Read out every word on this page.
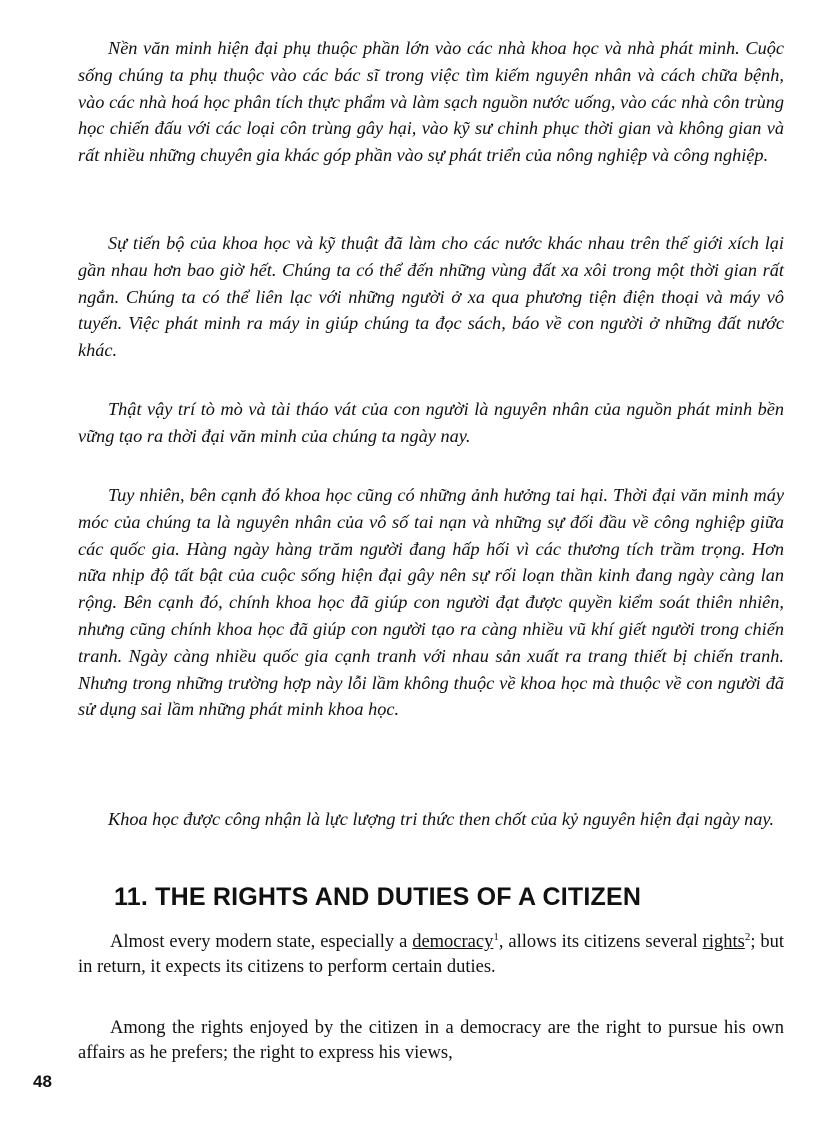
Nền văn minh hiện đại phụ thuộc phần lớn vào các nhà khoa học và nhà phát minh. Cuộc sống chúng ta phụ thuộc vào các bác sĩ trong việc tìm kiếm nguyên nhân và cách chữa bệnh, vào các nhà hoá học phân tích thực phẩm và làm sạch nguồn nước uống, vào các nhà côn trùng học chiến đấu với các loại côn trùng gây hại, vào kỹ sư chinh phục thời gian và không gian và rất nhiều những chuyên gia khác góp phần vào sự phát triển của nông nghiệp và công nghiệp.

Sự tiến bộ của khoa học và kỹ thuật đã làm cho các nước khác nhau trên thế giới xích lại gần nhau hơn bao giờ hết. Chúng ta có thể đến những vùng đất xa xôi trong một thời gian rất ngắn. Chúng ta có thể liên lạc với những người ở xa qua phương tiện điện thoại và máy vô tuyến. Việc phát minh ra máy in giúp chúng ta đọc sách, báo về con người ở những đất nước khác.

Thật vậy trí tò mò và tài tháo vát của con người là nguyên nhân của nguồn phát minh bền vững tạo ra thời đại văn minh của chúng ta ngày nay.

Tuy nhiên, bên cạnh đó khoa học cũng có những ảnh hưởng tai hại. Thời đại văn minh máy móc của chúng ta là nguyên nhân của vô số tai nạn và những sự đối đầu về công nghiệp giữa các quốc gia. Hàng ngày hàng trăm người đang hấp hối vì các thương tích trầm trọng. Hơn nữa nhịp độ tất bật của cuộc sống hiện đại gây nên sự rối loạn thần kinh đang ngày càng lan rộng. Bên cạnh đó, chính khoa học đã giúp con người đạt được quyền kiểm soát thiên nhiên, nhưng cũng chính khoa học đã giúp con người tạo ra càng nhiều vũ khí giết người trong chiến tranh. Ngày càng nhiều quốc gia cạnh tranh với nhau sản xuất ra trang thiết bị chiến tranh. Nhưng trong những trường hợp này lỗi lầm không thuộc về khoa học mà thuộc về con người đã sử dụng sai lầm những phát minh khoa học.

Khoa học được công nhận là lực lượng tri thức then chốt của kỷ nguyên hiện đại ngày nay.

11. THE RIGHTS AND DUTIES OF A CITIZEN

Almost every modern state, especially a democracy$^1$, allows its citizens several rights$^2$; but in return, it expects its citizens to perform certain duties.

Among the rights enjoyed by the citizen in a democracy are the right to pursue his own affairs as he prefers; the right to express his views,

48
